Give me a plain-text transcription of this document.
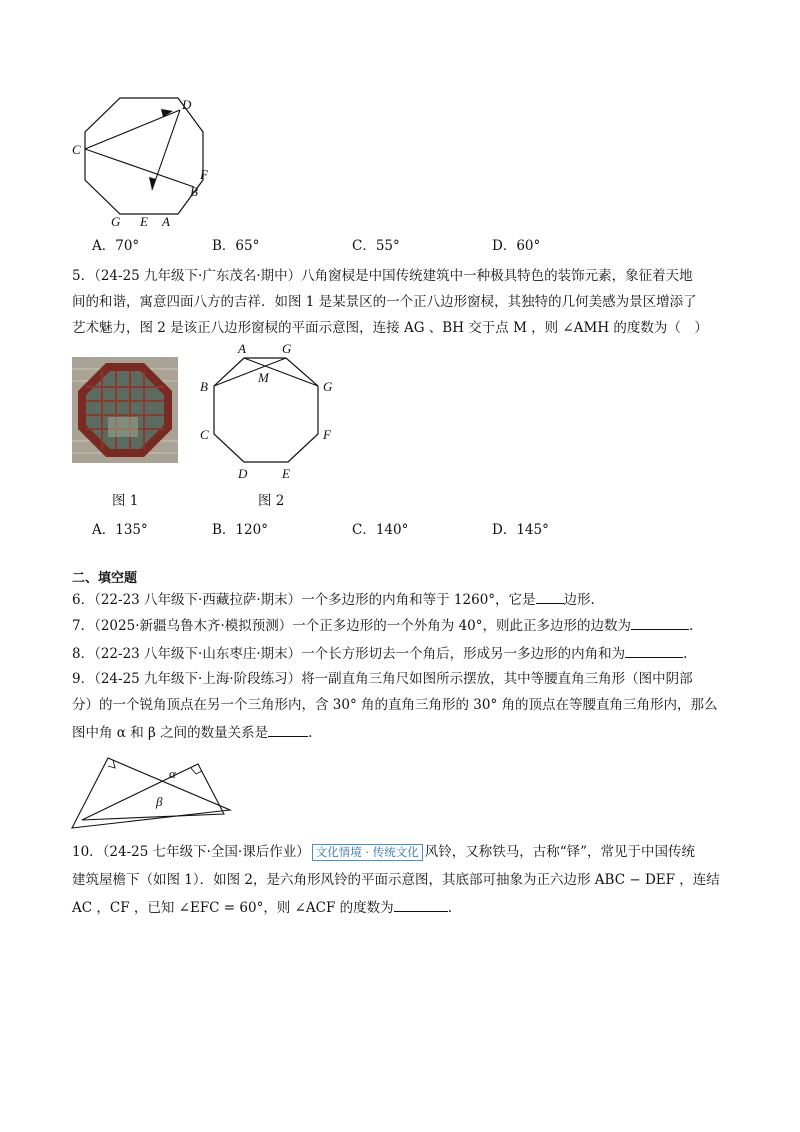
D
C
F
B
G E A
A．70°	B．65°	C．55°	D．60°
5．（24-25 九年级下·广东茂名·期中）八角窗棂是中国传统建筑中一种极具特色的装饰元素，象征着天地
间的和谐，寓意四面八方的吉祥．如图 1 是某景区的一个正八边形窗棂，其独特的几何美感为景区增添了
艺术魅力，图 2 是该正八边形窗棂的平面示意图，连接 AG 、BH 交于点 M ，则 ∠AMH 的度数为（　）
图 1
A	G
B
M
G
C	F
D	E
图 2
A．135°	B．120°	C．140°	D．145°
二、填空题
6．（22-23 八年级下·西藏拉萨·期末）一个多边形的内角和等于 1260°，它是 边形.
7．（2025·新疆乌鲁木齐·模拟预测）一个正多边形的一个外角为 40°，则此正多边形的边数为	.
8．（22-23 八年级下·山东枣庄·期末）一个长方形切去一个角后，形成另一多边形的内角和为	.
9．（24-25 九年级下·上海·阶段练习）将一副直角三角尺如图所示摆放，其中等腰直角三角形（图中阴部
分）的一个锐角顶点在另一个三角形内，含 30° 角的直角三角形的 30° 角的顶点在等腰直角三角形内，那么
图中角 α 和 β 之间的数量关系是	.
α
β
10．（24-25 七年级下·全国·课后作业） 文化情境 · 传统文化 风铃，又称铁马，古称“铎”，常见于中国传统
建筑屋檐下（如图 1）．如图 2，是六角形风铃的平面示意图，其底部可抽象为正六边形 ABC − DEF ，连结
AC ，CF ，已知 ∠EFC = 60°，则 ∠ACF 的度数为	.
